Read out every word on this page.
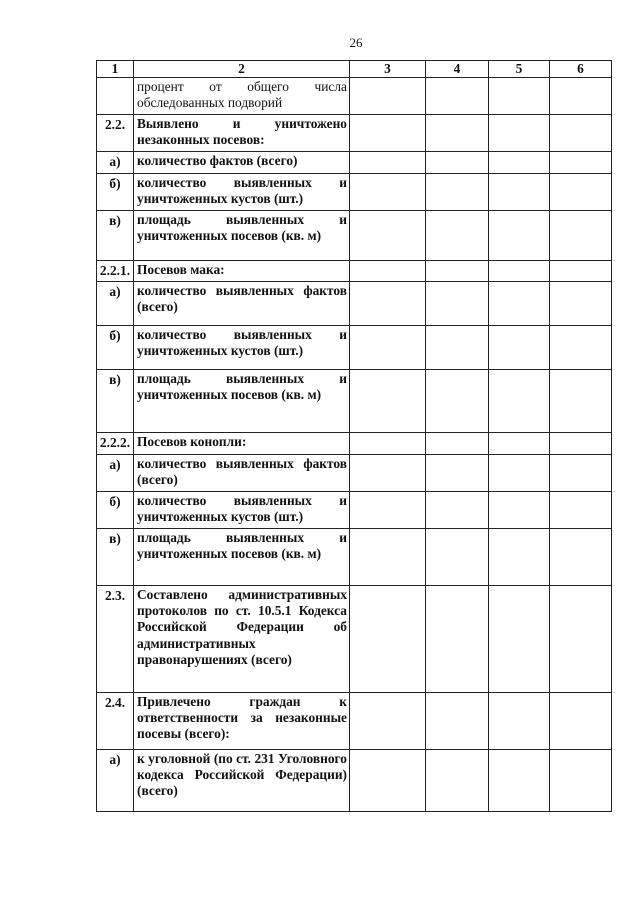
26
1	2	3	4	5	6
	процент от общего числа обследованных подворий				
2.2.	Выявлено и уничтожено незаконных посевов:				
а)	количество фактов (всего)				
б)	количество выявленных и уничтоженных кустов (шт.)				
в)	площадь выявленных и уничтоженных посевов (кв. м)				
2.2.1.	Посевов мака:				
а)	количество выявленных фактов (всего)				
б)	количество выявленных и уничтоженных кустов (шт.)				
в)	площадь выявленных и уничтоженных посевов (кв. м)				
2.2.2.	Посевов конопли:				
а)	количество выявленных фактов (всего)				
б)	количество выявленных и уничтоженных кустов (шт.)				
в)	площадь выявленных и уничтоженных посевов (кв. м)				
2.3.	Составлено административных протоколов по ст. 10.5.1 Кодекса Российской Федерации об административных правонарушениях (всего)				
2.4.	Привлечено граждан к ответственности за незаконные посевы (всего):				
а)	к уголовной (по ст. 231 Уголовного кодекса Российской Федерации) (всего)				
